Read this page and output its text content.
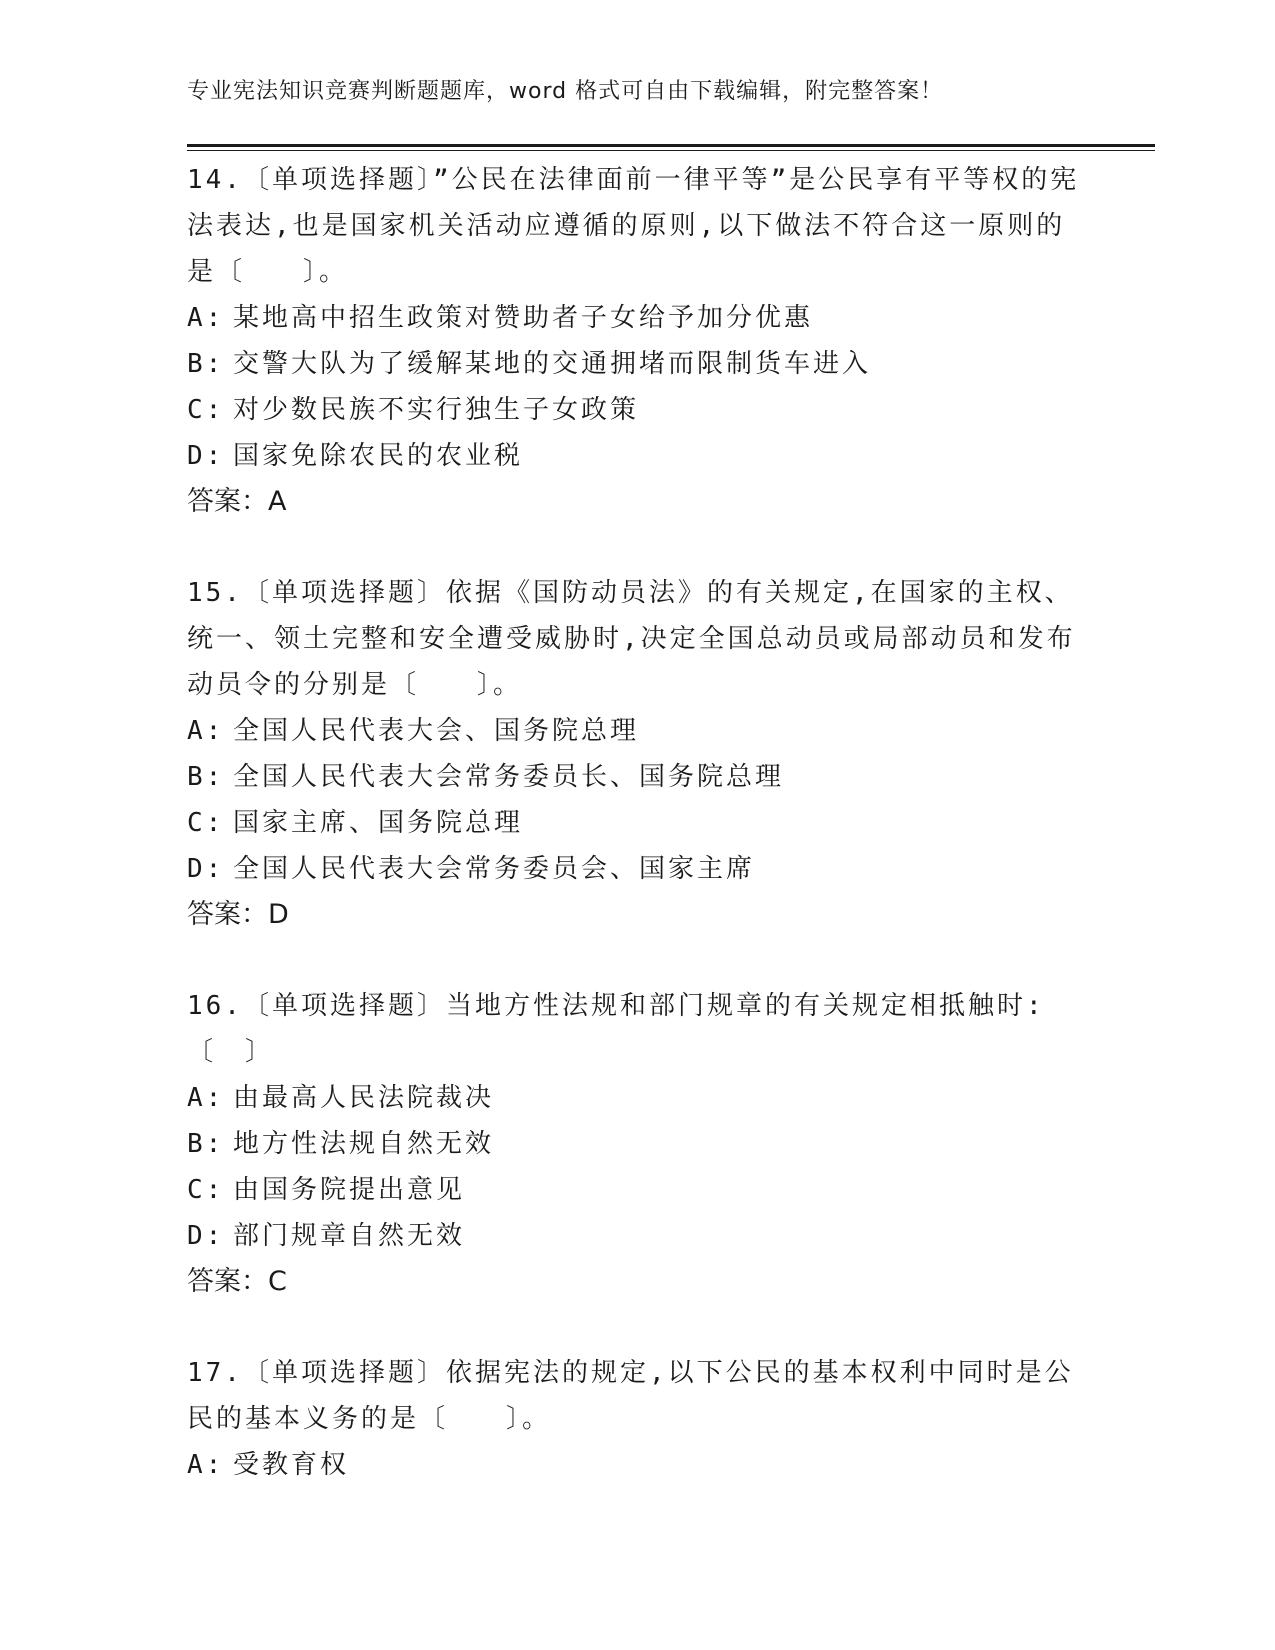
专业宪法知识竞赛判断题题库，word 格式可自由下载编辑，附完整答案！
14.〔单项选择题〕”公民在法律面前一律平等”是公民享有平等权的宪法表达,也是国家机关活动应遵循的原则,以下做法不符合这一原则的是〔　　〕。
A: 某地高中招生政策对赞助者子女给予加分优惠
B: 交警大队为了缓解某地的交通拥堵而限制货车进入
C: 对少数民族不实行独生子女政策
D: 国家免除农民的农业税
答案：A
15.〔单项选择题〕依据《国防动员法》的有关规定,在国家的主权、统一、领土完整和安全遭受威胁时,决定全国总动员或局部动员和发布动员令的分别是〔　　〕。
A: 全国人民代表大会、国务院总理
B: 全国人民代表大会常务委员长、国务院总理
C: 国家主席、国务院总理
D: 全国人民代表大会常务委员会、国家主席
答案：D
16.〔单项选择题〕当地方性法规和部门规章的有关规定相抵触时:〔　〕
A: 由最高人民法院裁决
B: 地方性法规自然无效
C: 由国务院提出意见
D: 部门规章自然无效
答案：C
17.〔单项选择题〕依据宪法的规定,以下公民的基本权利中同时是公民的基本义务的是〔　　〕。
A: 受教育权
